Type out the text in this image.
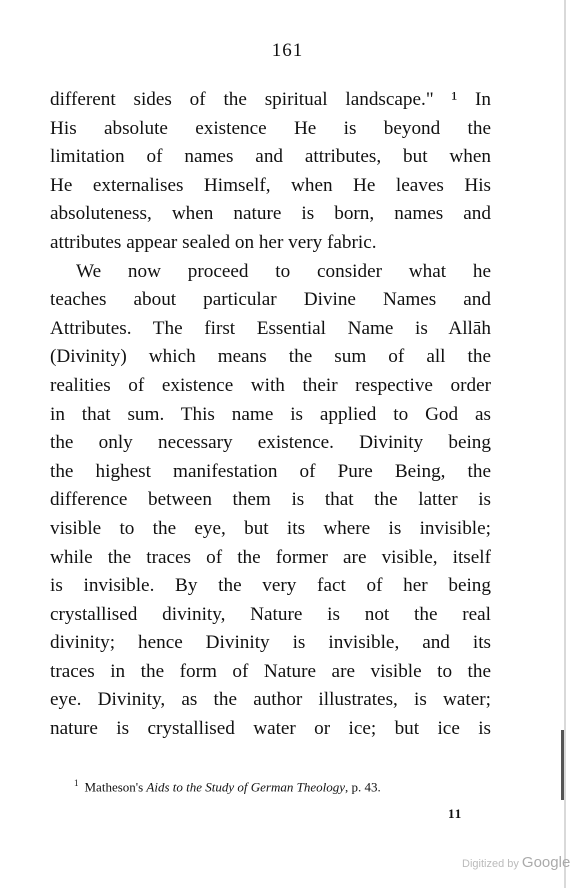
161
different sides of the spiritual landscape." ¹ In
His absolute existence He is beyond the
limitation of names and attributes, but when
He externalises Himself, when He leaves His
absoluteness, when nature is born, names and
attributes appear sealed on her very fabric.
We now proceed to consider what he
teaches about particular Divine Names and
Attributes. The first Essential Name is Allāh
(Divinity) which means the sum of all the
realities of existence with their respective order
in that sum. This name is applied to God as
the only necessary existence. Divinity being
the highest manifestation of Pure Being, the
difference between them is that the latter is
visible to the eye, but its where is invisible;
while the traces of the former are visible, itself
is invisible. By the very fact of her being
crystallised divinity, Nature is not the real
divinity; hence Divinity is invisible, and its
traces in the form of Nature are visible to the
eye. Divinity, as the author illustrates, is water;
nature is crystallised water or ice; but ice is
$^1$ Matheson's Aids to the Study of German Theology, p. 43.
11
Digitized by Google
